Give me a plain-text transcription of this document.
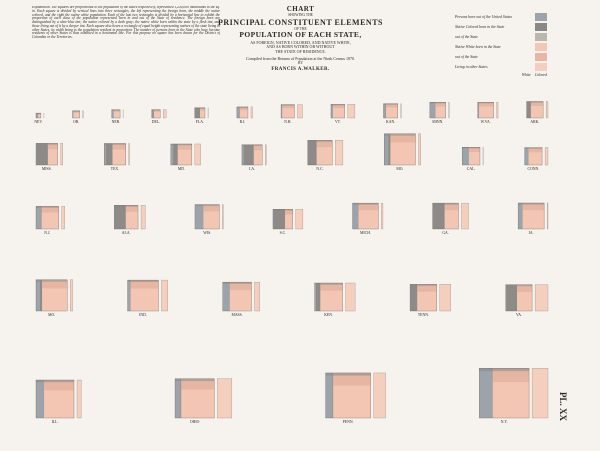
Explanation. The squares are proportional to the population of the states respectively, represented 1,250,000 inhabitants to the sq. in. Each square is divided by vertical lines into three rectangles, the left representing the foreign born, the middle the native colored, and the right the native white population. Each of the last two rectangles is divided by a horizontal line to exhibit the proportion of each class of the population represented born in and out of the State of residence. The foreign born are distinguished by a slate-blue tint; the native colored by a dark gray; the native white born within the state by a flesh tint, and those living out of it by a deeper tint. Each square also bears a rectangle of equal height representing natives of the state living in other States, its width being to the population resident in proportion. The number of persons born in the State who have become residents of other States is thus exhibited in a horizontal line. For this purpose no square has been drawn for the District of Columbia or the Territories.

CHART
SHOWING THE
PRINCIPAL CONSTITUENT ELEMENTS
OF THE
POPULATION OF EACH STATE,
AS FOREIGN, NATIVE COLORED, AND NATIVE WHITE,
AND AS BORN WITHIN OR WITHOUT
THE STATE OF RESIDENCE.
Compiled from the Returns of Population at the Ninth Census 1870.
BY
FRANCIS A.WALKER.
Persons born out of the United States
Native Colored born in the State
out of the State
Native White born in the State
out of the State
Living in other States
White Colored
NEV.	OR.	NEB.	DEL.	FLA.	R.I.	N.H.	VT.	KAN.	MINN.	W.VA.	ARK.
MISS.	TEX.	MD.	LA.	N.C.	MO.	CAL.	CONN.
N.J.	ALA.	WIS.	S.C.	MICH.	GA.	IA.
MO.	IND.	MASS.	KEN.	TENN.	VA.
ILL.	OHIO	PENN.	N.Y.
PL. XX
